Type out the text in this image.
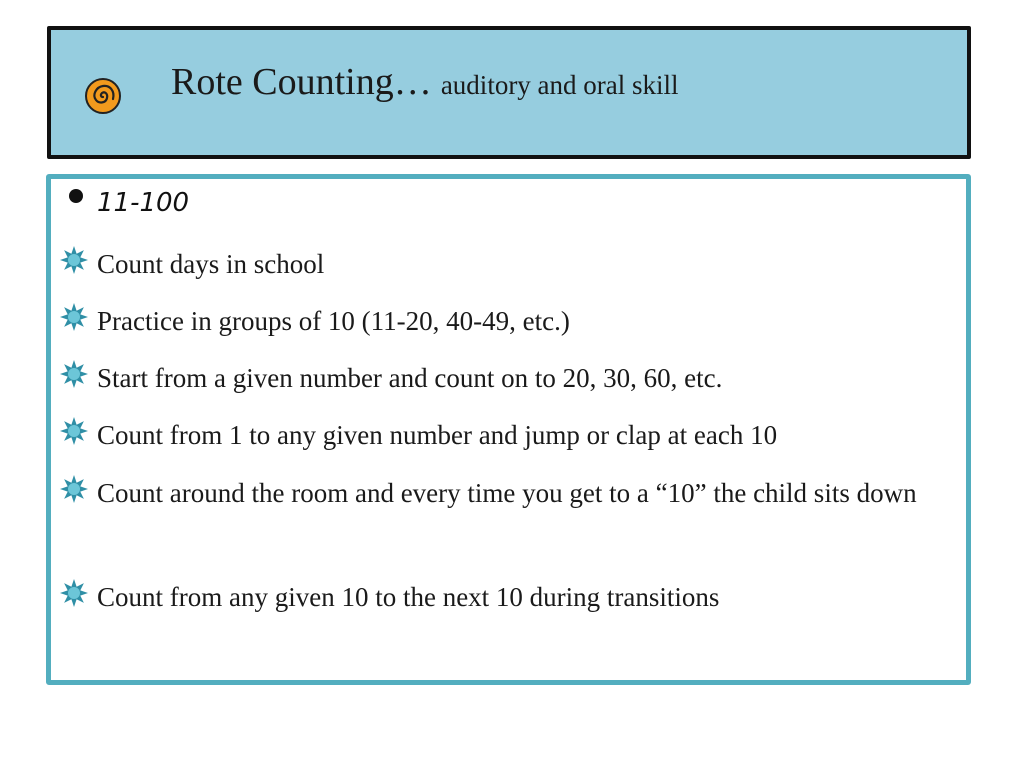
Rote Counting… auditory and oral skill
11-100
Count days in school
Practice in groups of 10 (11-20, 40-49, etc.)
Start from a given number and count on to 20, 30, 60, etc.
Count from 1 to any given number and jump or clap at each 10
Count around the room and every time you get to a “10” the child sits down
Count from any given 10 to the next 10 during transitions
